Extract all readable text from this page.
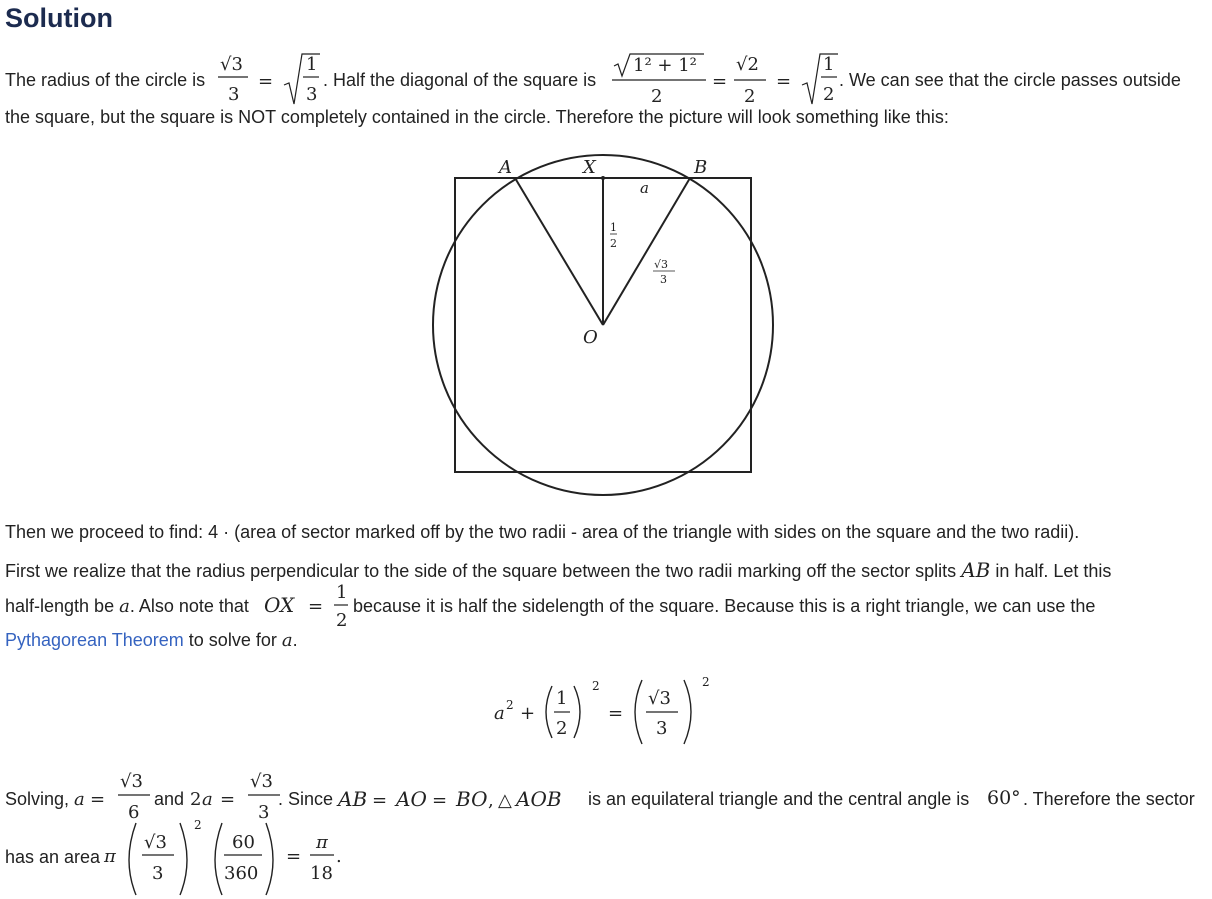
Solution
The radius of the circle is
√3
3
=
1
3
. Half the diagonal of the square is
1² + 1²
2
=
√2
2
=
1
2
. We can see that the circle passes outside
the square, but the square is NOT completely contained in the circle. Therefore the picture will look something like this:
A	X	B
a
O
1
2
√3
3
Then we proceed to find: 4 · (area of sector marked off by the two radii - area of the triangle with sides on the square and the two radii).
First we realize that the radius perpendicular to the side of the square between the two radii marking off the sector splits AB in half. Let this
half-length be a. Also note that OX =
1
2
because it is half the sidelength of the square. Because this is a right triangle, we can use the
Pythagorean Theorem to solve for a.
a 2 +
1
2
2
=
√3
3
2
Solving, a =
√3
6
and 2 a =
√3
3
. Since AB = AO = BO , △ AOB is an equilateral triangle and the central angle is 60° . Therefore the sector
has an area π
√3
3
2
60
360
=
π
18
.
